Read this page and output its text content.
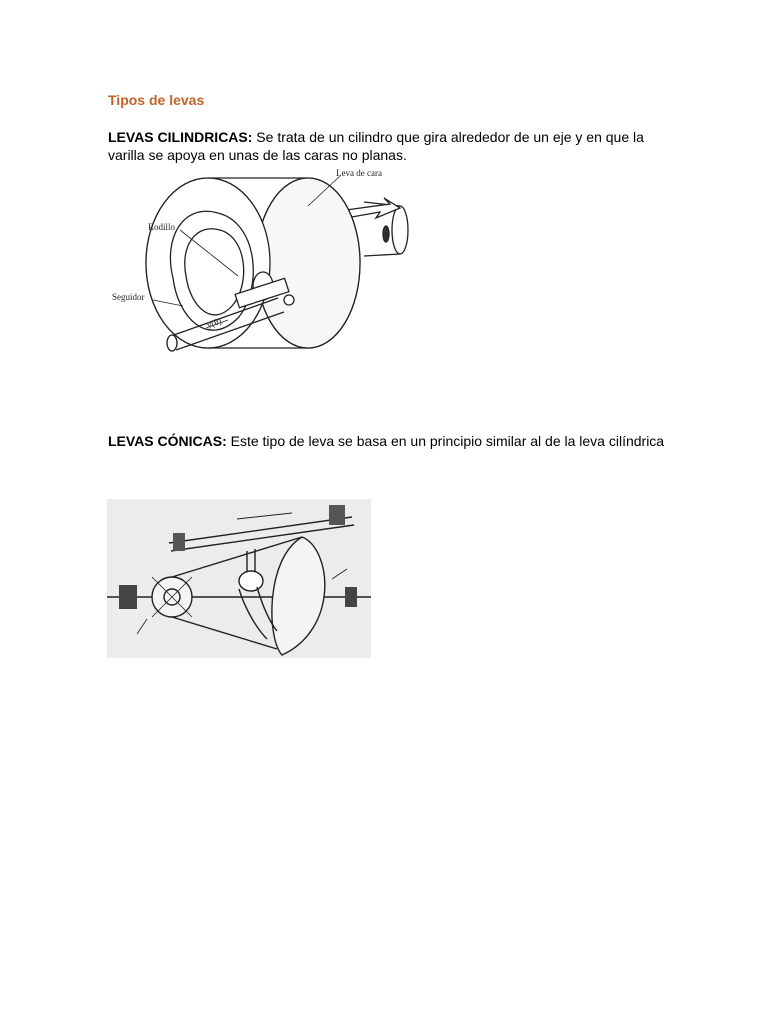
Tipos de levas

LEVAS CILINDRICAS: Se trata de un cilindro que gira alrededor de un eje y en que la varilla se apoya en unas de las caras no planas.

Leva de cara
Rodillo
Seguidor
y(θ)
θ

LEVAS CÓNICAS: Este tipo de leva se basa en un principio similar al de la leva cilíndrica
